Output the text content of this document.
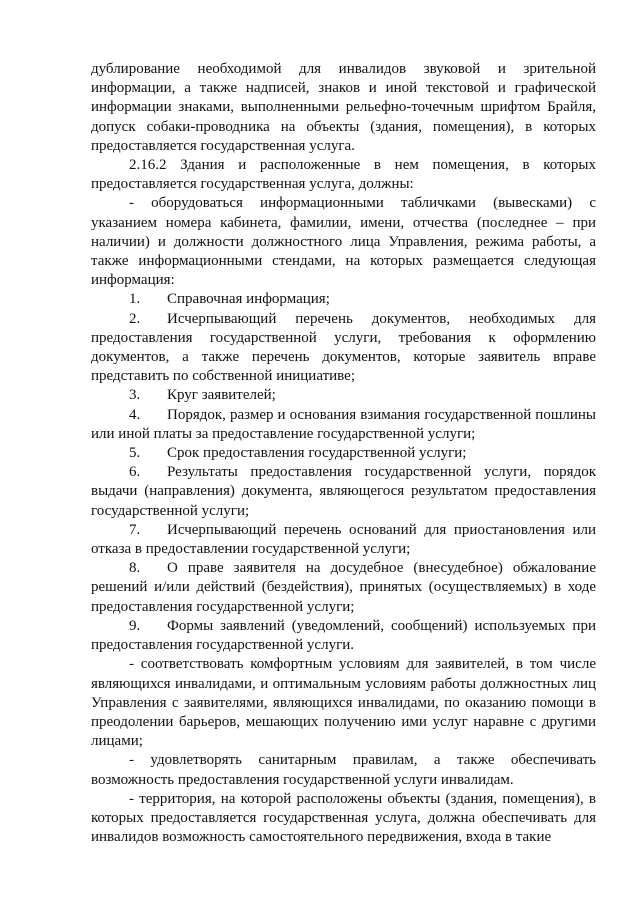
дублирование необходимой для инвалидов звуковой и зрительной информации, а также надписей, знаков и иной текстовой и графической информации знаками, выполненными рельефно-точечным шрифтом Брайля, допуск собаки-проводника на объекты (здания, помещения), в которых предоставляется государственная услуга.

2.16.2 Здания и расположенные в нем помещения, в которых предоставляется государственная услуга, должны:

- оборудоваться информационными табличками (вывесками) с указанием номера кабинета, фамилии, имени, отчества (последнее – при наличии) и должности должностного лица Управления, режима работы, а также информационными стендами, на которых размещается следующая информация:

1. Справочная информация;

2. Исчерпывающий перечень документов, необходимых для предоставления государственной услуги, требования к оформлению документов, а также перечень документов, которые заявитель вправе представить по собственной инициативе;

3. Круг заявителей;

4. Порядок, размер и основания взимания государственной пошлины или иной платы за предоставление государственной услуги;

5. Срок предоставления государственной услуги;

6. Результаты предоставления государственной услуги, порядок выдачи (направления) документа, являющегося результатом предоставления государственной услуги;

7. Исчерпывающий перечень оснований для приостановления или отказа в предоставлении государственной услуги;

8. О праве заявителя на досудебное (внесудебное) обжалование решений и/или действий (бездействия), принятых (осуществляемых) в ходе предоставления государственной услуги;

9. Формы заявлений (уведомлений, сообщений) используемых при предоставления государственной услуги.

- соответствовать комфортным условиям для заявителей, в том числе являющихся инвалидами, и оптимальным условиям работы должностных лиц Управления с заявителями, являющихся инвалидами, по оказанию помощи в преодолении барьеров, мешающих получению ими услуг наравне с другими лицами;

- удовлетворять санитарным правилам, а также обеспечивать возможность предоставления государственной услуги инвалидам.

- территория, на которой расположены объекты (здания, помещения), в которых предоставляется государственная услуга, должна обеспечивать для инвалидов возможность самостоятельного передвижения, входа в такие
